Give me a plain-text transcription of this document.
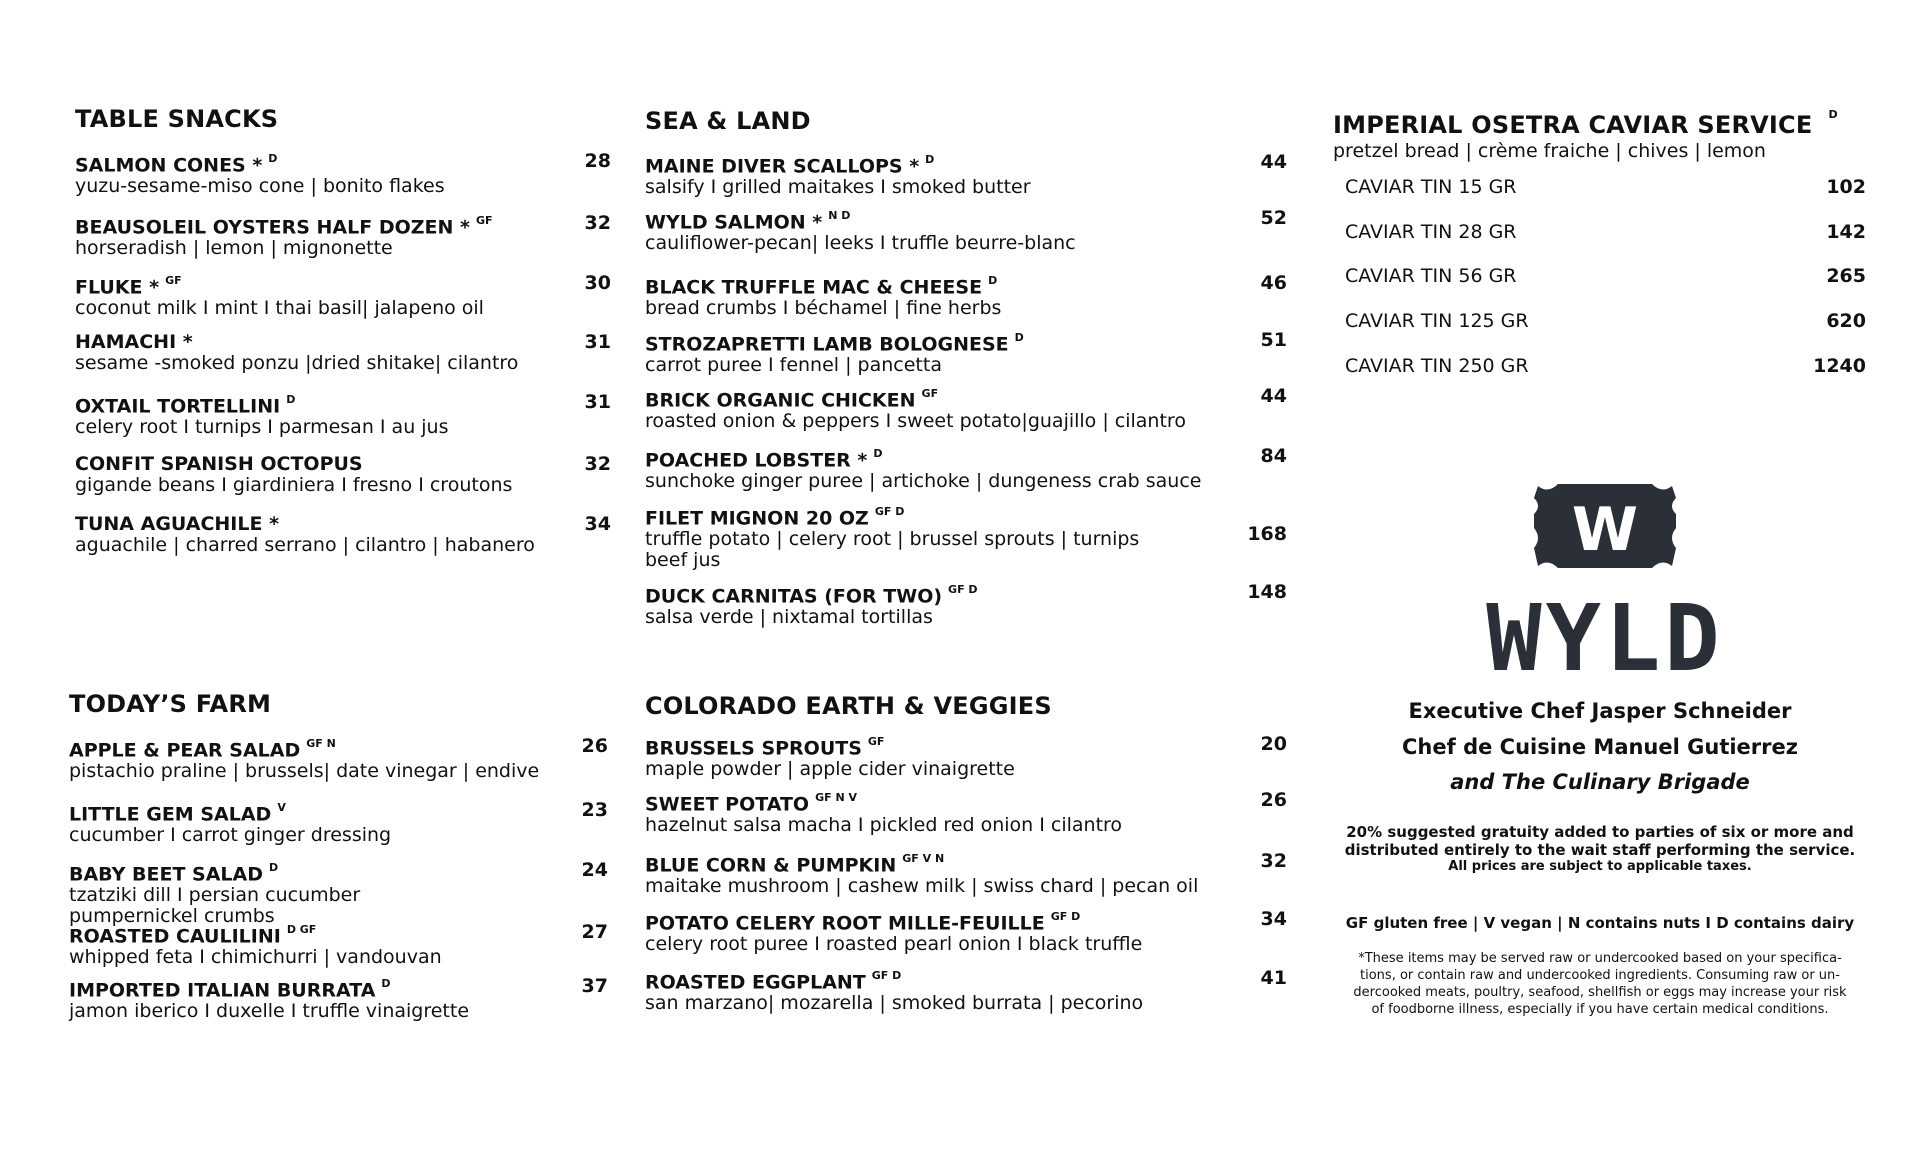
TABLE SNACKS
SALMON CONES * $^D$
yuzu-sesame-miso cone | bonito flakes
28
BEAUSOLEIL OYSTERS HALF DOZEN * $^{GF}$
horseradish | lemon | mignonette
32
FLUKE * $^{GF}$
coconut milk I mint I thai basil| jalapeno oil
30
HAMACHI *
sesame -smoked ponzu |dried shitake| cilantro
31
OXTAIL TORTELLINI $^D$
celery root I turnips I parmesan I au jus
31
CONFIT SPANISH OCTOPUS
gigande beans I giardiniera I fresno I croutons
32
TUNA AGUACHILE *
aguachile | charred serrano | cilantro | habanero
34
TODAY’S FARM
APPLE & PEAR SALAD $^{GF N}$
pistachio praline | brussels| date vinegar | endive
26
LITTLE GEM SALAD $^V$
cucumber I carrot ginger dressing
23
BABY BEET SALAD $^D$
tzatziki dill I persian cucumber
pumpernickel crumbs
24
ROASTED CAULILINI $^{D GF}$
whipped feta I chimichurri | vandouvan
27
IMPORTED ITALIAN BURRATA $^D$
jamon iberico I duxelle I truffle vinaigrette
37
SEA & LAND
MAINE DIVER SCALLOPS * $^D$
salsify I grilled maitakes I smoked butter
44
WYLD SALMON * $^{N D}$
cauliflower-pecan| leeks I truffle beurre-blanc
52
BLACK TRUFFLE MAC & CHEESE $^D$
bread crumbs I béchamel | fine herbs
46
STROZAPRETTI LAMB BOLOGNESE $^D$
carrot puree I fennel | pancetta
51
BRICK ORGANIC CHICKEN $^{GF}$
roasted onion & peppers I sweet potato|guajillo | cilantro
44
POACHED LOBSTER * $^D$
sunchoke ginger puree | artichoke | dungeness crab sauce
84
FILET MIGNON 20 OZ $^{GF D}$
truffle potato | celery root | brussel sprouts | turnips
beef jus
168
DUCK CARNITAS (FOR TWO) $^{GF D}$
salsa verde | nixtamal tortillas
148
COLORADO EARTH & VEGGIES
BRUSSELS SPROUTS $^{GF}$
maple powder | apple cider vinaigrette
20
SWEET POTATO $^{GF N V}$
hazelnut salsa macha I pickled red onion I cilantro
26
BLUE CORN & PUMPKIN $^{GF V N}$
maitake mushroom | cashew milk | swiss chard | pecan oil
32
POTATO CELERY ROOT MILLE-FEUILLE $^{GF D}$
celery root puree I roasted pearl onion I black truffle
34
ROASTED EGGPLANT $^{GF D}$
san marzano| mozarella | smoked burrata | pecorino
41
IMPERIAL OSETRA CAVIAR SERVICE $^D$
pretzel bread | crème fraiche | chives | lemon
CAVIAR TIN 15 GR	102
CAVIAR TIN 28 GR	142
CAVIAR TIN 56 GR	265
CAVIAR TIN 125 GR	620
CAVIAR TIN 250 GR	1240
W
WYLD
Executive Chef Jasper Schneider
Chef de Cuisine Manuel Gutierrez
and The Culinary Brigade
20% suggested gratuity added to parties of six or more and
distributed entirely to the wait staff performing the service.
All prices are subject to applicable taxes.
GF gluten free | V vegan | N contains nuts I D contains dairy
*These items may be served raw or undercooked based on your specifica-
tions, or contain raw and undercooked ingredients. Consuming raw or un-
dercooked meats, poultry, seafood, shellfish or eggs may increase your risk
of foodborne illness, especially if you have certain medical conditions.
